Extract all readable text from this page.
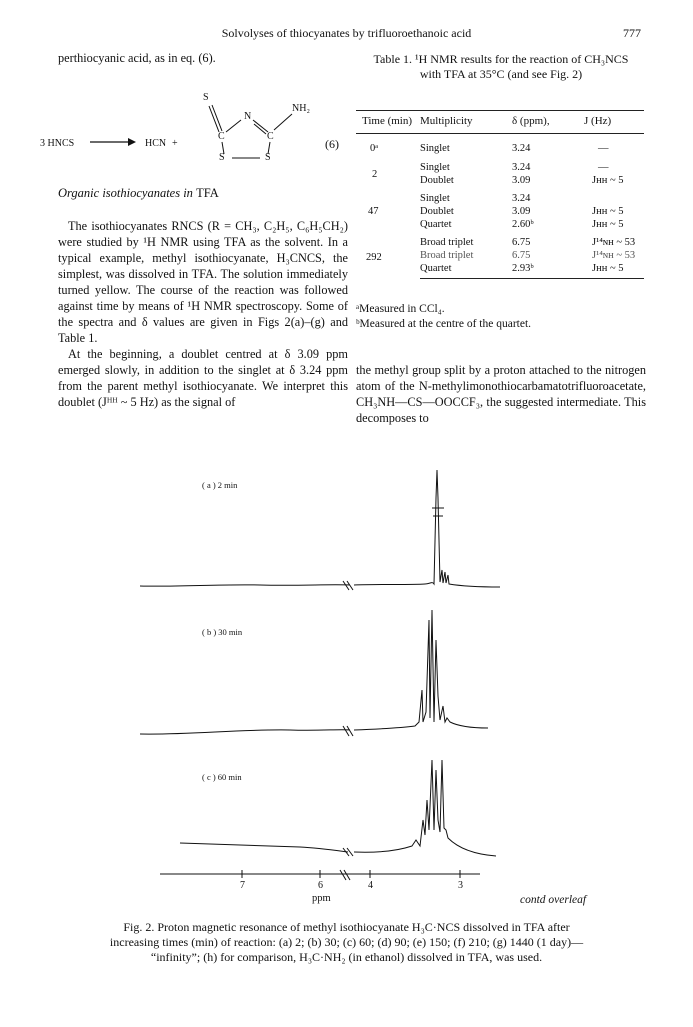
Solvolyses of thiocyanates by trifluoroethanoic acid	777
perthiocyanic acid, as in eq. (6).
3 HNCS → HCN +
S
C
N
C
S	S
NH₂
(6)
Organic isothiocyanates in TFA

The isothiocyanates RNCS (R = CH₃, C₂H₅, C₆H₅CH₂) were studied by ¹H NMR using TFA as the solvent. In a typical example, methyl isothiocyanate, H₃CNCS, the simplest, was dissolved in TFA. The solution immediately turned yellow. The course of the reaction was followed against time by means of ¹H NMR spectroscopy. Some of the spectra and δ values are given in Figs 2(a)–(g) and Table 1.

At the beginning, a doublet centred at δ 3.09 ppm emerged slowly, in addition to the singlet at δ 3.24 ppm from the parent methyl isothiocyanate. We interpret this doublet (Jᴴᴴ ~ 5 Hz) as the signal of

Table 1. ¹H NMR results for the reaction of CH₃NCS
with TFA at 35°C (and see Fig. 2)
Time (min)	Multiplicity	δ (ppm),	J (Hz)
0ᵃ	Singlet	3.24	—
2	Singlet	3.24	—
	Doublet	3.09	Jʜʜ ~ 5
47	Singlet	3.24	
	Doublet	3.09	Jʜʜ ~ 5
	Quartet	2.60ᵇ	Jʜʜ ~ 5
292	Broad triplet	6.75	J¹⁴ɴʜ ~ 53
	Broad triplet	6.75	J¹⁴ɴʜ ~ 53
	Quartet	2.93ᵇ	Jʜʜ ~ 5
ᵃMeasured in CCl₄.
ᵇMeasured at the centre of the quartet.
the methyl group split by a proton attached to the nitrogen atom of the N-methylimonothiocarbamatotrifluoroacetate, CH₃NH—CS—OOCCF₃, the suggested intermediate. This decomposes to
( a ) 2 min
( b ) 30 min
( c ) 60 min
7	6	4	3
ppm	contd overleaf
Fig. 2. Proton magnetic resonance of methyl isothiocyanate H₃C·NCS dissolved in TFA after
increasing times (min) of reaction: (a) 2; (b) 30; (c) 60; (d) 90; (e) 150; (f) 210; (g) 1440 (1 day)—
“infinity”; (h) for comparison, H₃C·NH₂ (in ethanol) dissolved in TFA, was used.
